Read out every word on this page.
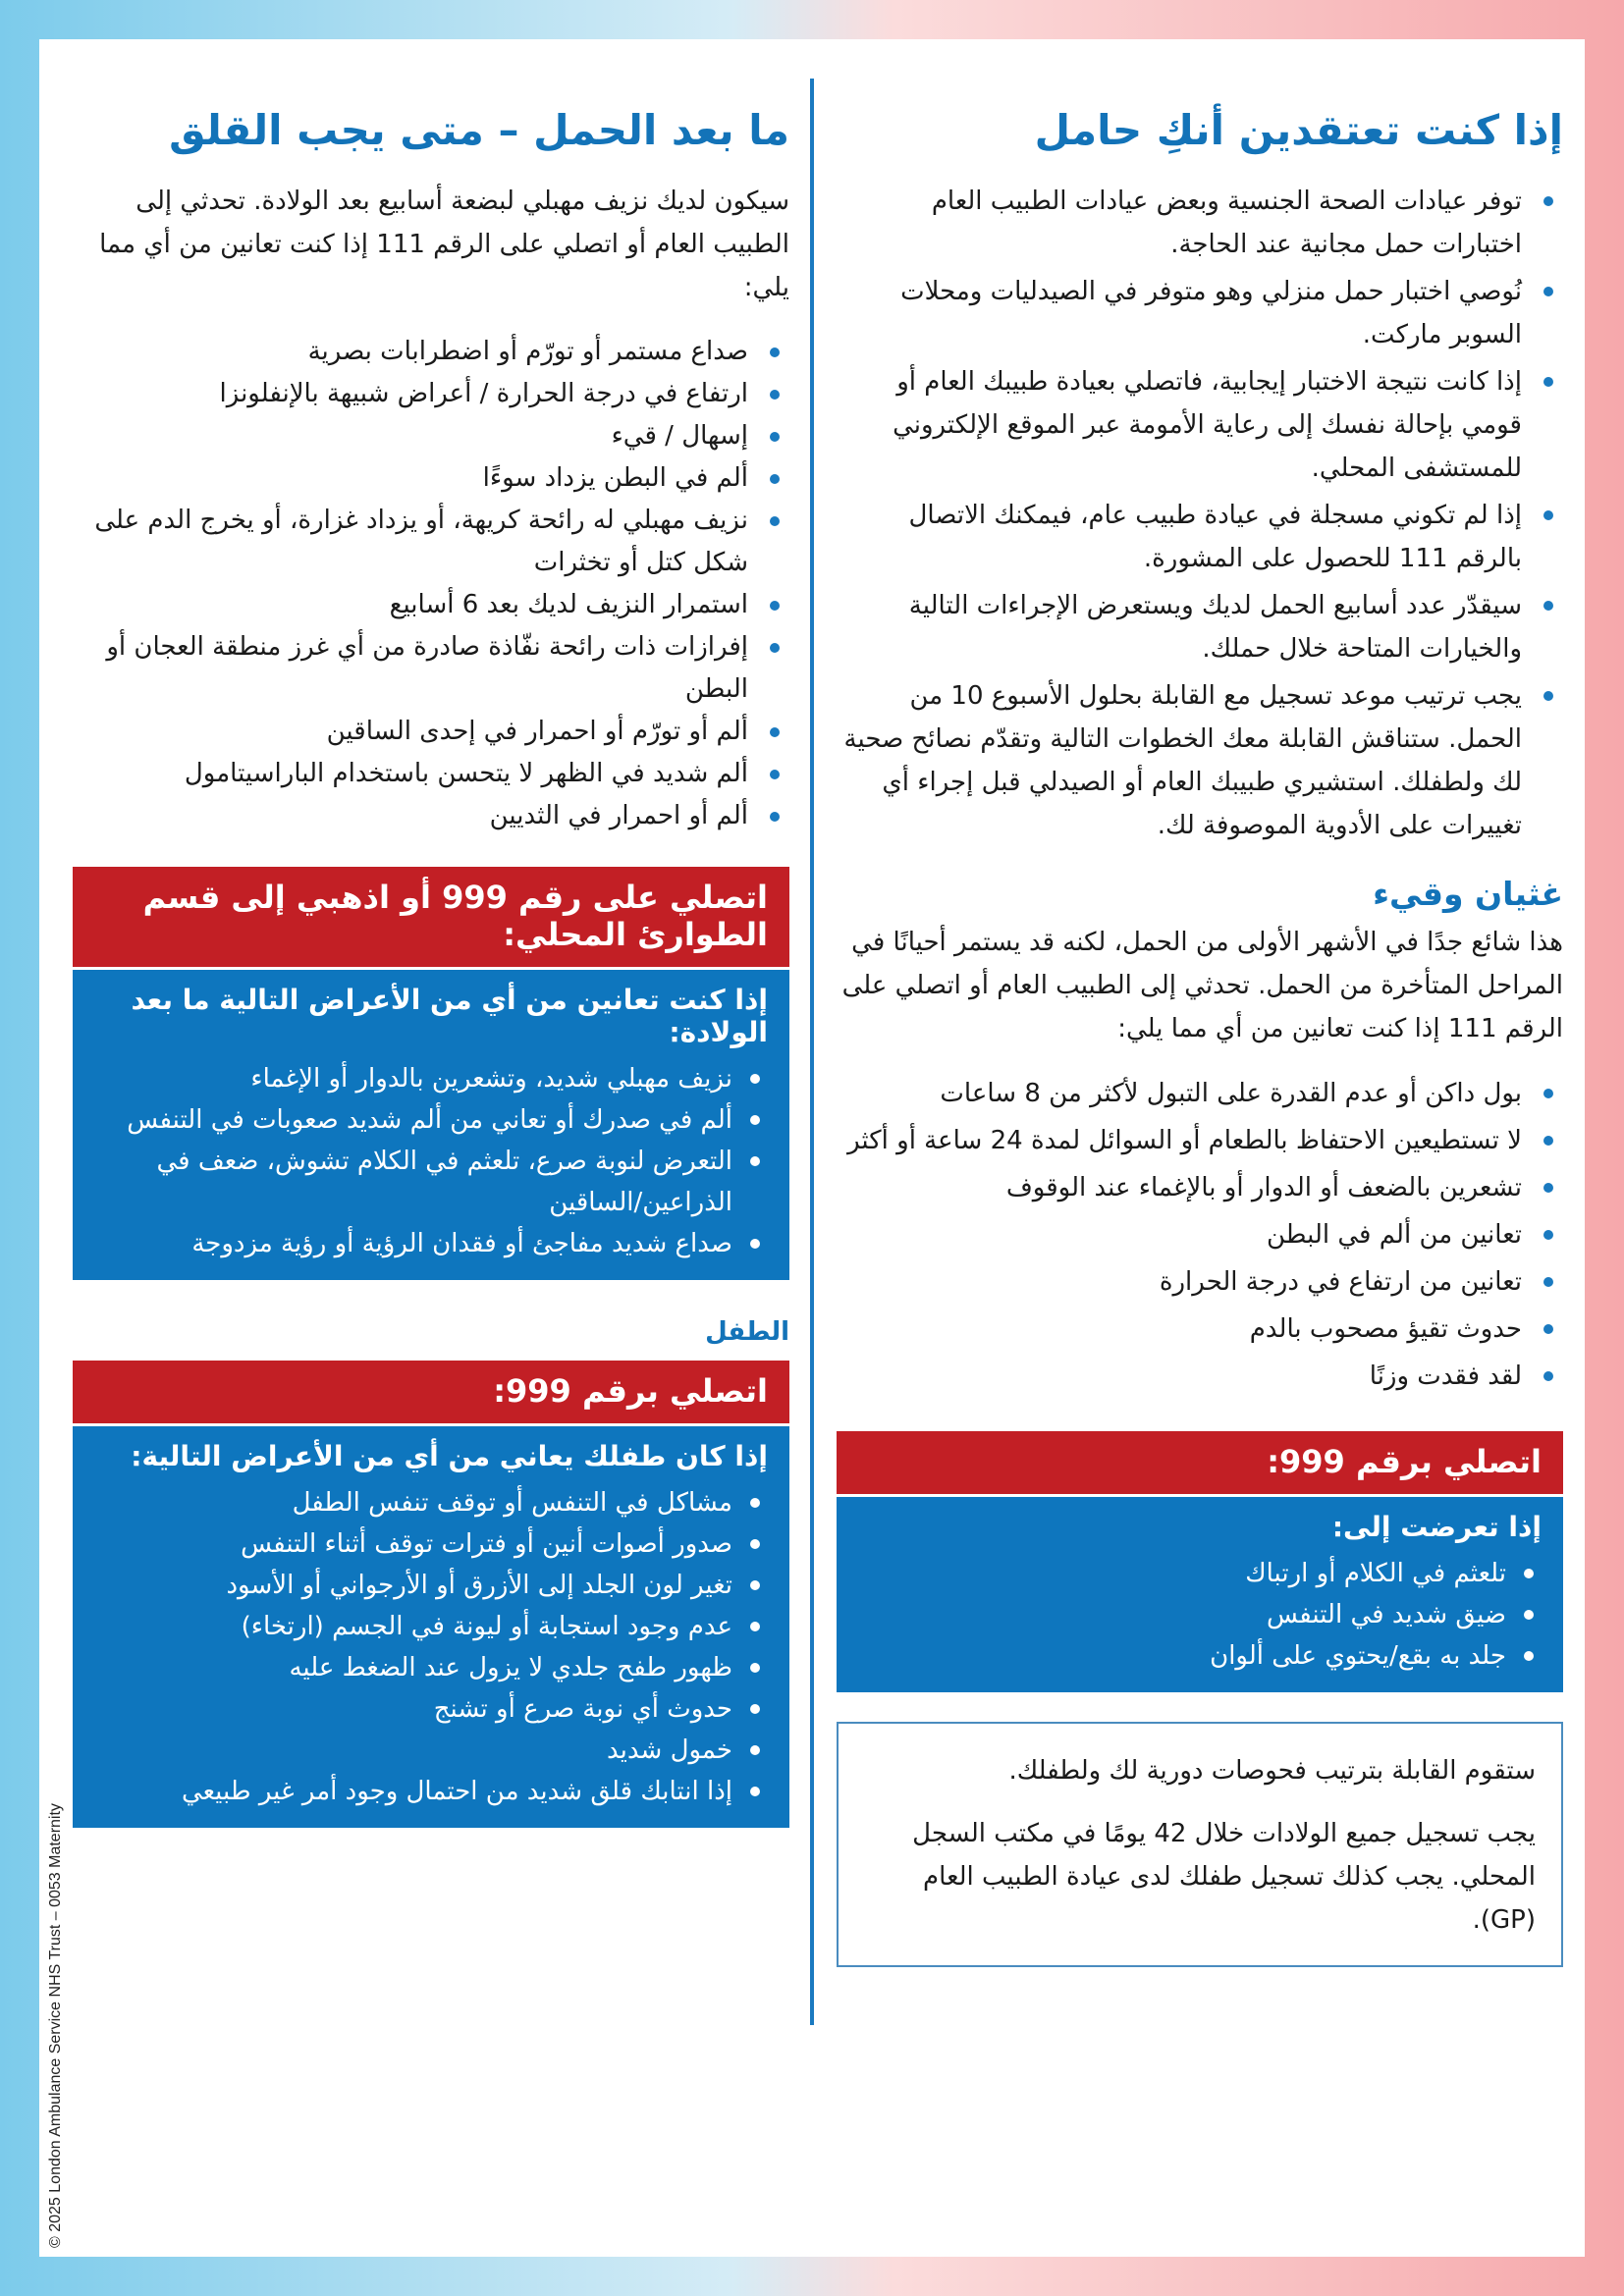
إذا كنت تعتقدين أنكِ حامل
توفر عيادات الصحة الجنسية وبعض عيادات الطبيب العام اختبارات حمل مجانية عند الحاجة.
نُوصي اختبار حمل منزلي وهو متوفر في الصيدليات ومحلات السوبر ماركت.
إذا كانت نتيجة الاختبار إيجابية، فاتصلي بعيادة طبيبك العام أو قومي بإحالة نفسك إلى رعاية الأمومة عبر الموقع الإلكتروني للمستشفى المحلي.
إذا لم تكوني مسجلة في عيادة طبيب عام، فيمكنك الاتصال بالرقم 111 للحصول على المشورة.
سيقدّر عدد أسابيع الحمل لديك ويستعرض الإجراءات التالية والخيارات المتاحة خلال حملك.
يجب ترتيب موعد تسجيل مع القابلة بحلول الأسبوع 10 من الحمل. ستناقش القابلة معك الخطوات التالية وتقدّم نصائح صحية لك ولطفلك. استشيري طبيبك العام أو الصيدلي قبل إجراء أي تغييرات على الأدوية الموصوفة لك.
غثيان وقيء

هذا شائع جدًا في الأشهر الأولى من الحمل، لكنه قد يستمر أحيانًا في المراحل المتأخرة من الحمل. تحدثي إلى الطبيب العام أو اتصلي على الرقم 111 إذا كنت تعانين من أي مما يلي:

بول داكن أو عدم القدرة على التبول لأكثر من 8 ساعات
لا تستطيعين الاحتفاظ بالطعام أو السوائل لمدة 24 ساعة أو أكثر
تشعرين بالضعف أو الدوار أو بالإغماء عند الوقوف
تعانين من ألم في البطن
تعانين من ارتفاع في درجة الحرارة
حدوث تقيؤ مصحوب بالدم
لقد فقدت وزنًا
اتصلي برقم 999:
إذا تعرضت إلى:
تلعثم في الكلام أو ارتباك
ضيق شديد في التنفس
جلد به بقع/يحتوي على ألوان

ستقوم القابلة بترتيب فحوصات دورية لك ولطفلك.

يجب تسجيل جميع الولادات خلال 42 يومًا في مكتب السجل المحلي. يجب كذلك تسجيل طفلك لدى عيادة الطبيب العام (GP).

ما بعد الحمل – متى يجب القلق

سيكون لديك نزيف مهبلي لبضعة أسابيع بعد الولادة. تحدثي إلى الطبيب العام أو اتصلي على الرقم 111 إذا كنت تعانين من أي مما يلي:

صداع مستمر أو تورّم أو اضطرابات بصرية
ارتفاع في درجة الحرارة / أعراض شبيهة بالإنفلونزا
إسهال / قيء
ألم في البطن يزداد سوءًا
نزيف مهبلي له رائحة كريهة، أو يزداد غزارة، أو يخرج الدم على شكل كتل أو تخثرات
استمرار النزيف لديك بعد 6 أسابيع
إفرازات ذات رائحة نفّاذة صادرة من أي غرز منطقة العجان أو البطن
ألم أو تورّم أو احمرار في إحدى الساقين
ألم شديد في الظهر لا يتحسن باستخدام الباراسيتامول
ألم أو احمرار في الثديين
اتصلي على رقم 999 أو اذهبي إلى قسم الطوارئ المحلي:
إذا كنت تعانين من أي من الأعراض التالية ما بعد الولادة:
نزيف مهبلي شديد، وتشعرين بالدوار أو الإغماء
ألم في صدرك أو تعاني من ألم شديد صعوبات في التنفس
التعرض لنوبة صرع، تلعثم في الكلام تشوش، ضعف في الذراعين/الساقين
صداع شديد مفاجئ أو فقدان الرؤية أو رؤية مزدوجة
الطفل
اتصلي برقم 999:
إذا كان طفلك يعاني من أي من الأعراض التالية:
مشاكل في التنفس أو توقف تنفس الطفل
صدور أصوات أنين أو فترات توقف أثناء التنفس
تغير لون الجلد إلى الأزرق أو الأرجواني أو الأسود
عدم وجود استجابة أو ليونة في الجسم (ارتخاء)
ظهور طفح جلدي لا يزول عند الضغط عليه
حدوث أي نوبة صرع أو تشنج
خمول شديد
إذا انتابك قلق شديد من احتمال وجود أمر غير طبيعي
© 2025 London Ambulance Service NHS Trust – 0053 Maternity
